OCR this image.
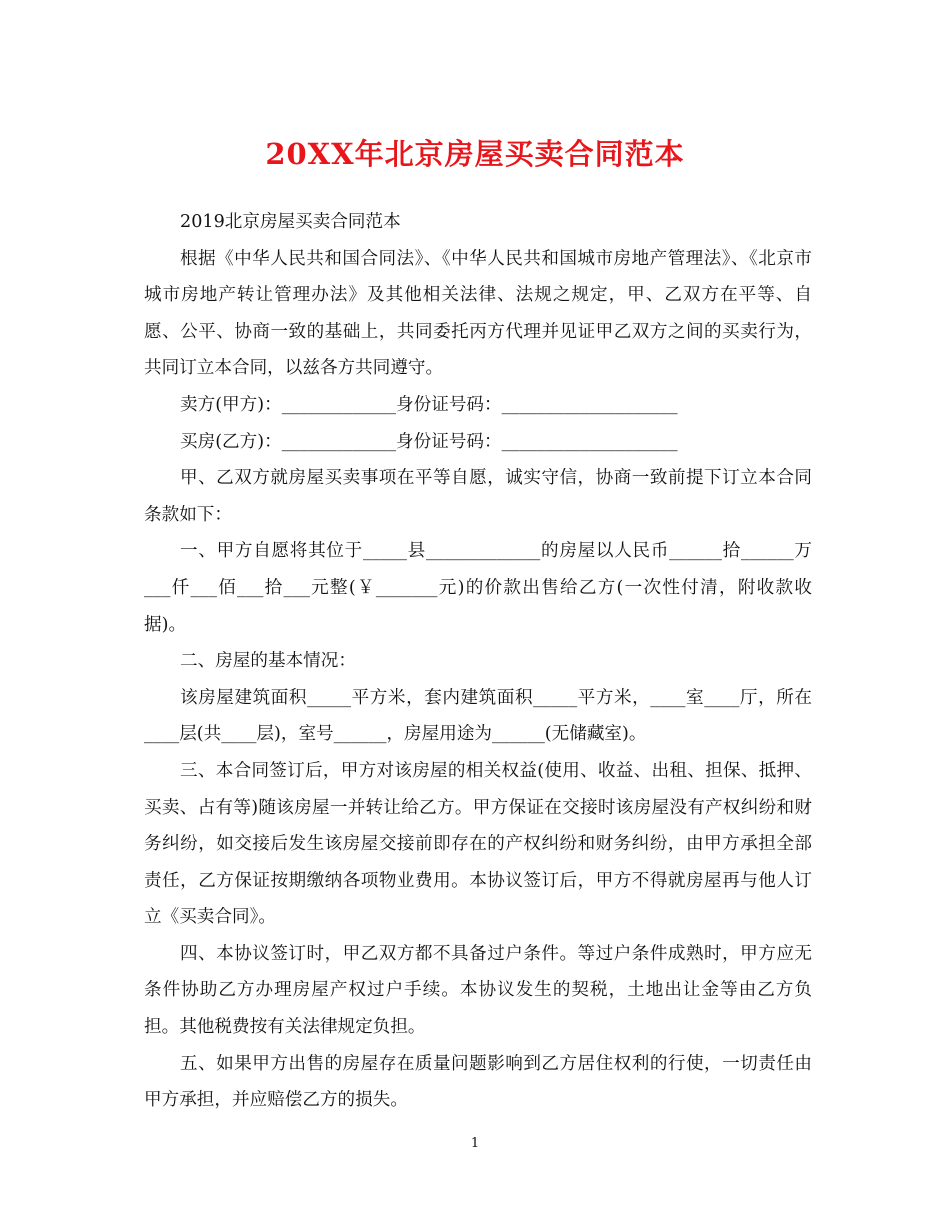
20XX年北京房屋买卖合同范本

2019北京房屋买卖合同范本

根据《中华人民共和国合同法》、《中华人民共和国城市房地产管理法》、《北京市城市房地产转让管理办法》及其他相关法律、法规之规定，甲、乙双方在平等、自愿、公平、协商一致的基础上，共同委托丙方代理并见证甲乙双方之间的买卖行为，共同订立本合同，以兹各方共同遵守。

卖方(甲方)：_____________身份证号码：____________________

买房(乙方)：_____________身份证号码：____________________

甲、乙双方就房屋买卖事项在平等自愿，诚实守信，协商一致前提下订立本合同条款如下：

一、甲方自愿将其位于_____县_____________的房屋以人民币______拾______万___仟___佰___拾___元整(￥_______元)的价款出售给乙方(一次性付清，附收款收据)。

二、房屋的基本情况：

该房屋建筑面积_____平方米，套内建筑面积_____平方米，____室____厅，所在____层(共____层)，室号______，房屋用途为______(无储藏室)。

三、本合同签订后，甲方对该房屋的相关权益(使用、收益、出租、担保、抵押、买卖、占有等)随该房屋一并转让给乙方。甲方保证在交接时该房屋没有产权纠纷和财务纠纷，如交接后发生该房屋交接前即存在的产权纠纷和财务纠纷，由甲方承担全部责任，乙方保证按期缴纳各项物业费用。本协议签订后，甲方不得就房屋再与他人订立《买卖合同》。

四、本协议签订时，甲乙双方都不具备过户条件。等过户条件成熟时，甲方应无条件协助乙方办理房屋产权过户手续。本协议发生的契税，土地出让金等由乙方负担。其他税费按有关法律规定负担。

五、如果甲方出售的房屋存在质量问题影响到乙方居住权利的行使，一切责任由甲方承担，并应赔偿乙方的损失。

1
